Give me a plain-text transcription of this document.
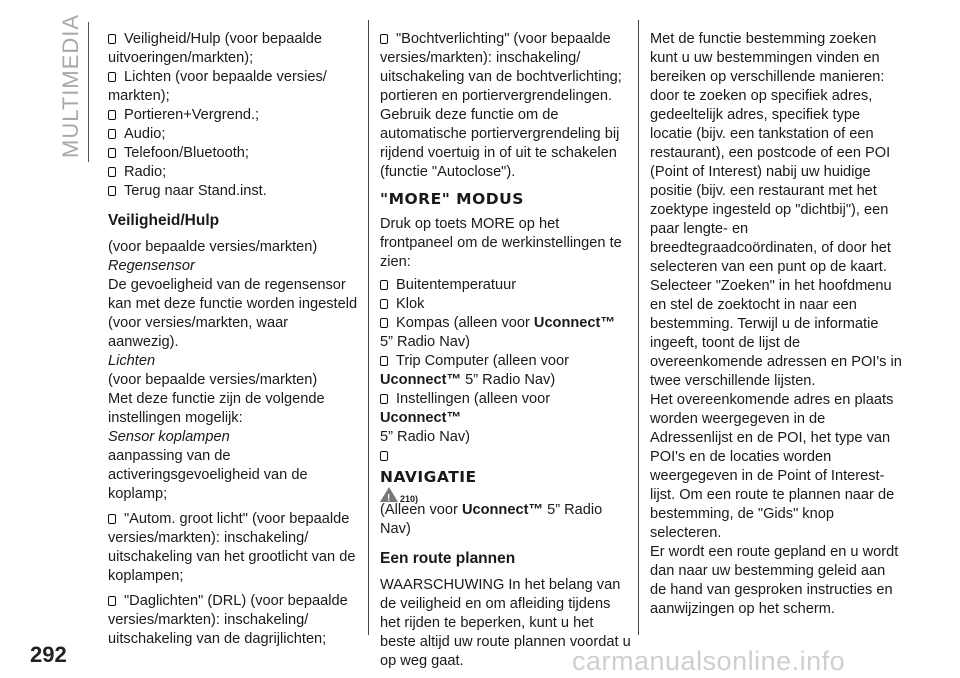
MULTIMEDIA	Veiligheid/Hulp (voor bepaalde uitvoeringen/markten);

Lichten (voor bepaalde versies/ markten);

Portieren+Vergrend.;

Audio;

Telefoon/Bluetooth;

Radio;

Terug naar Stand.inst.

Veiligheid/Hulp

(voor bepaalde versies/markten)

Regensensor

De gevoeligheid van de regensensor kan met deze functie worden ingesteld (voor versies/markten, waar aanwezig).

Lichten

(voor bepaalde versies/markten)

Met deze functie zijn de volgende instellingen mogelijk:

Sensor koplampen

aanpassing van de activeringsgevoeligheid van de koplamp;

"Autom. groot licht" (voor bepaalde versies/markten): inschakeling/ uitschakeling van het grootlicht van de koplampen;

"Daglichten" (DRL) (voor bepaalde versies/markten): inschakeling/ uitschakeling van de dagrijlichten;

"Bochtverlichting" (voor bepaalde versies/markten): inschakeling/ uitschakeling van de bochtverlichting; portieren en portiervergrendelingen. Gebruik deze functie om de automatische portiervergrendeling bij rijdend voertuig in of uit te schakelen (functie "Autoclose").

"MORE" MODUS

Druk op toets MORE op het frontpaneel om de werkinstellingen te zien:

Buitentemperatuur

Klok

Kompas (alleen voor Uconnect™
5” Radio Nav)

Trip Computer (alleen voor
Uconnect™ 5” Radio Nav)

Instellingen (alleen voor Uconnect™
5” Radio Nav)

NAVIGATIE

! $^{210)}$

(Alleen voor Uconnect™ 5” Radio Nav)

Een route plannen

WAARSCHUWING In het belang van de veiligheid en om afleiding tijdens het rijden te beperken, kunt u het beste altijd uw route plannen voordat u op weg gaat.

Met de functie bestemming zoeken kunt u uw bestemmingen vinden en bereiken op verschillende manieren: door te zoeken op specifiek adres, gedeeltelijk adres, specifiek type locatie (bijv. een tankstation of een restaurant), een postcode of een POI (Point of Interest) nabij uw huidige positie (bijv. een restaurant met het zoektype ingesteld op "dichtbij"), een paar lengte- en breedtegraadcoördinaten, of door het selecteren van een punt op de kaart.

Selecteer "Zoeken" in het hoofdmenu en stel de zoektocht in naar een bestemming. Terwijl u de informatie ingeeft, toont de lijst de overeenkomende adressen en POI's in twee verschillende lijsten.

Het overeenkomende adres en plaats worden weergegeven in de Adressenlijst en de POI, het type van POI's en de locaties worden weergegeven in de Point of Interest-lijst. Om een route te plannen naar de bestemming, de "Gids" knop selecteren.

Er wordt een route gepland en u wordt dan naar uw bestemming geleid aan de hand van gesproken instructies en aanwijzingen op het scherm.

292	carmanualsonline.info
